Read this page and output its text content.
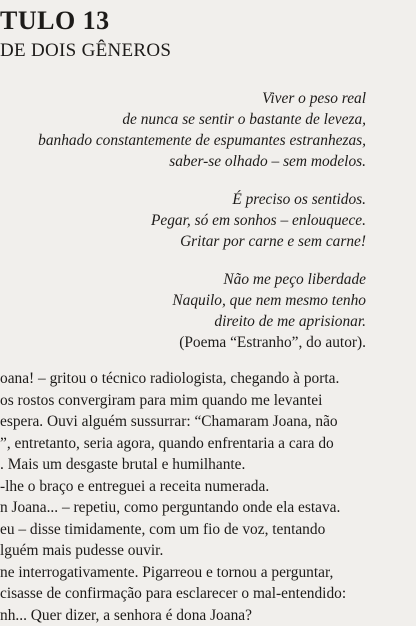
TULO 13
DE DOIS GÊNEROS
Viver o peso real
de nunca se sentir o bastante de leveza,
banhado constantemente de espumantes estranhezas,
saber-se olhado – sem modelos.
É preciso os sentidos.
Pegar, só em sonhos – enlouquece.
Gritar por carne e sem carne!
Não me peço liberdade
Naquilo, que nem mesmo tenho
direito de me aprisionar.
(Poema “Estranho”, do autor).
oana! – gritou o técnico radiologista, chegando à porta.
os rostos convergiram para mim quando me levantei
espera. Ouvi alguém sussurrar: “Chamaram Joana, não
”, entretanto, seria agora, quando enfrentaria a cara do
. Mais um desgaste brutal e humilhante.
-lhe o braço e entreguei a receita numerada.
n Joana... – repetiu, como perguntando onde ela estava.
eu – disse timidamente, com um fio de voz, tentando
lguém mais pudesse ouvir.
ne interrogativamente. Pigarreou e tornou a perguntar,
cisasse de confirmação para esclarecer o mal-entendido:
nh... Quer dizer, a senhora é dona Joana?
